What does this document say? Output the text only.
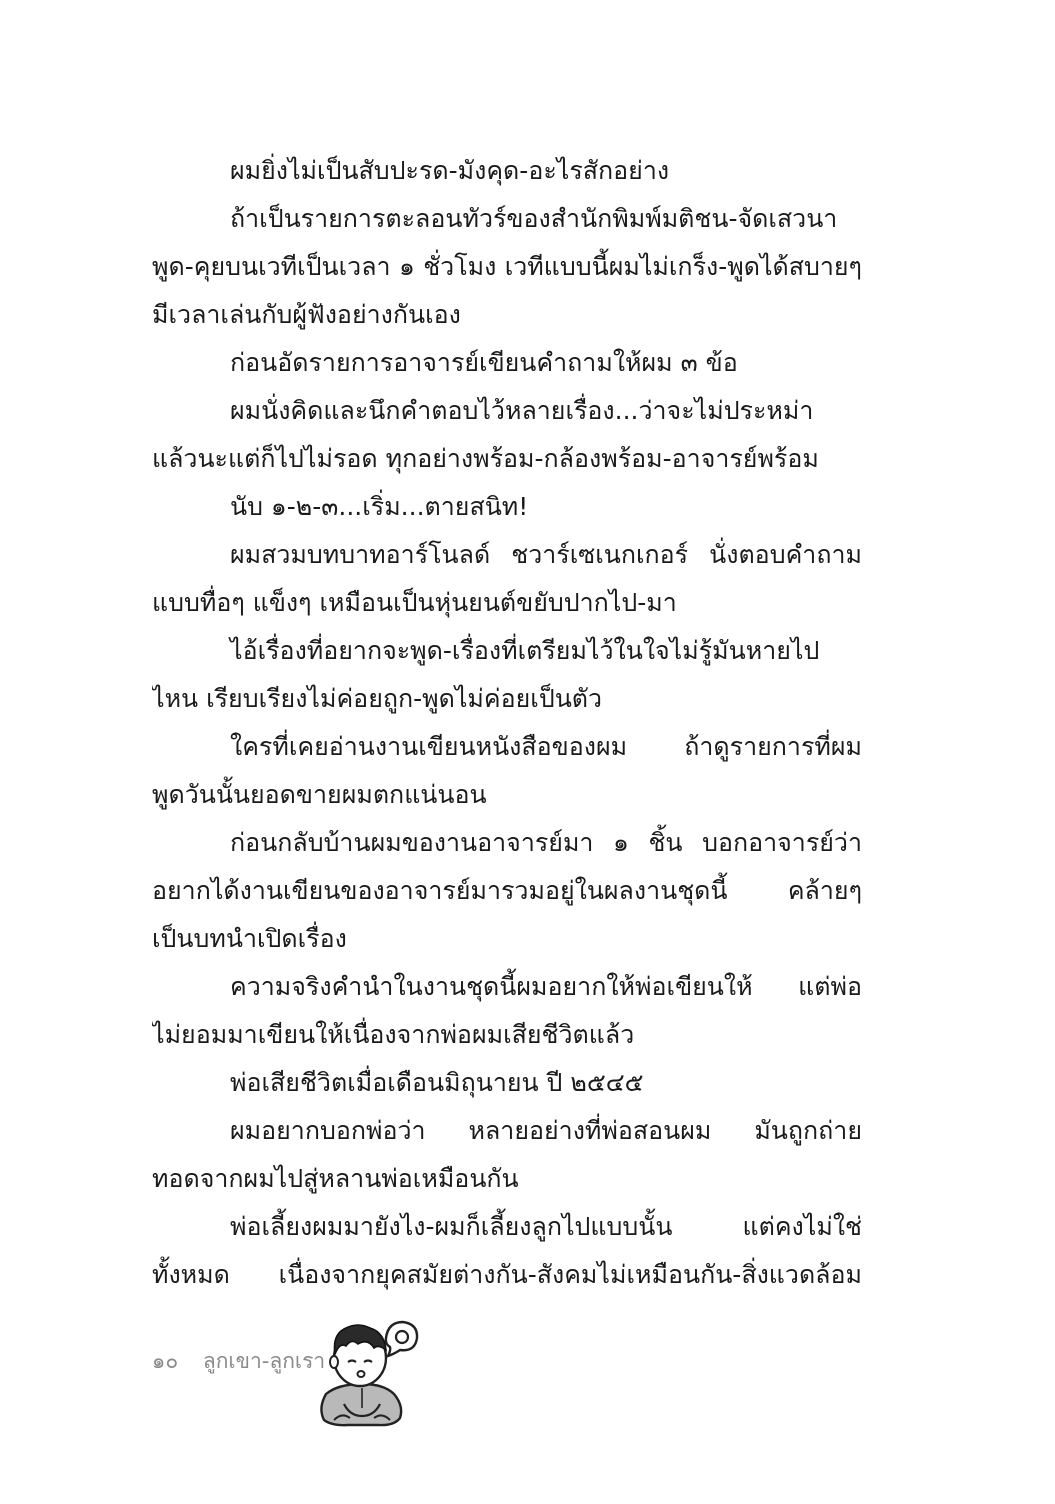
ผมยิ่งไม่เป็นสับปะรด-มังคุด-อะไรสักอย่าง
ถ้าเป็นรายการตะลอนทัวร์ของสำนักพิมพ์มติชน-จัดเสวนา
พูด-คุยบนเวทีเป็นเวลา ๑ ชั่วโมง เวทีแบบนี้ผมไม่เกร็ง-พูดได้สบายๆ
มีเวลาเล่นกับผู้ฟังอย่างกันเอง
ก่อนอัดรายการอาจารย์เขียนคำถามให้ผม ๓ ข้อ
ผมนั่งคิดและนึกคำตอบไว้หลายเรื่อง...ว่าจะไม่ประหม่า
แล้วนะแต่ก็ไปไม่รอด ทุกอย่างพร้อม-กล้องพร้อม-อาจารย์พร้อม
นับ ๑-๒-๓...เริ่ม...ตายสนิท!
ผมสวมบทบาทอาร์โนลด์ ชวาร์เซเนกเกอร์ นั่งตอบคำถาม
แบบทื่อๆ แข็งๆ เหมือนเป็นหุ่นยนต์ขยับปากไป-มา
ไอ้เรื่องที่อยากจะพูด-เรื่องที่เตรียมไว้ในใจไม่รู้มันหายไป
ไหน เรียบเรียงไม่ค่อยถูก-พูดไม่ค่อยเป็นตัว
ใครที่เคยอ่านงานเขียนหนังสือของผม ถ้าดูรายการที่ผม
พูดวันนั้นยอดขายผมตกแน่นอน
ก่อนกลับบ้านผมของานอาจารย์มา ๑ ชิ้น บอกอาจารย์ว่า
อยากได้งานเขียนของอาจารย์มารวมอยู่ในผลงานชุดนี้ คล้ายๆ
เป็นบทนำเปิดเรื่อง
ความจริงคำนำในงานชุดนี้ผมอยากให้พ่อเขียนให้ แต่พ่อ
ไม่ยอมมาเขียนให้เนื่องจากพ่อผมเสียชีวิตแล้ว
พ่อเสียชีวิตเมื่อเดือนมิถุนายน ปี ๒๕๔๕
ผมอยากบอกพ่อว่า หลายอย่างที่พ่อสอนผม มันถูกถ่าย
ทอดจากผมไปสู่หลานพ่อเหมือนกัน
พ่อเลี้ยงผมมายังไง-ผมก็เลี้ยงลูกไปแบบนั้น แต่คงไม่ใช่
ทั้งหมด เนื่องจากยุคสมัยต่างกัน-สังคมไม่เหมือนกัน-สิ่งแวดล้อม
๑๐ ลูกเขา-ลูกเรา
